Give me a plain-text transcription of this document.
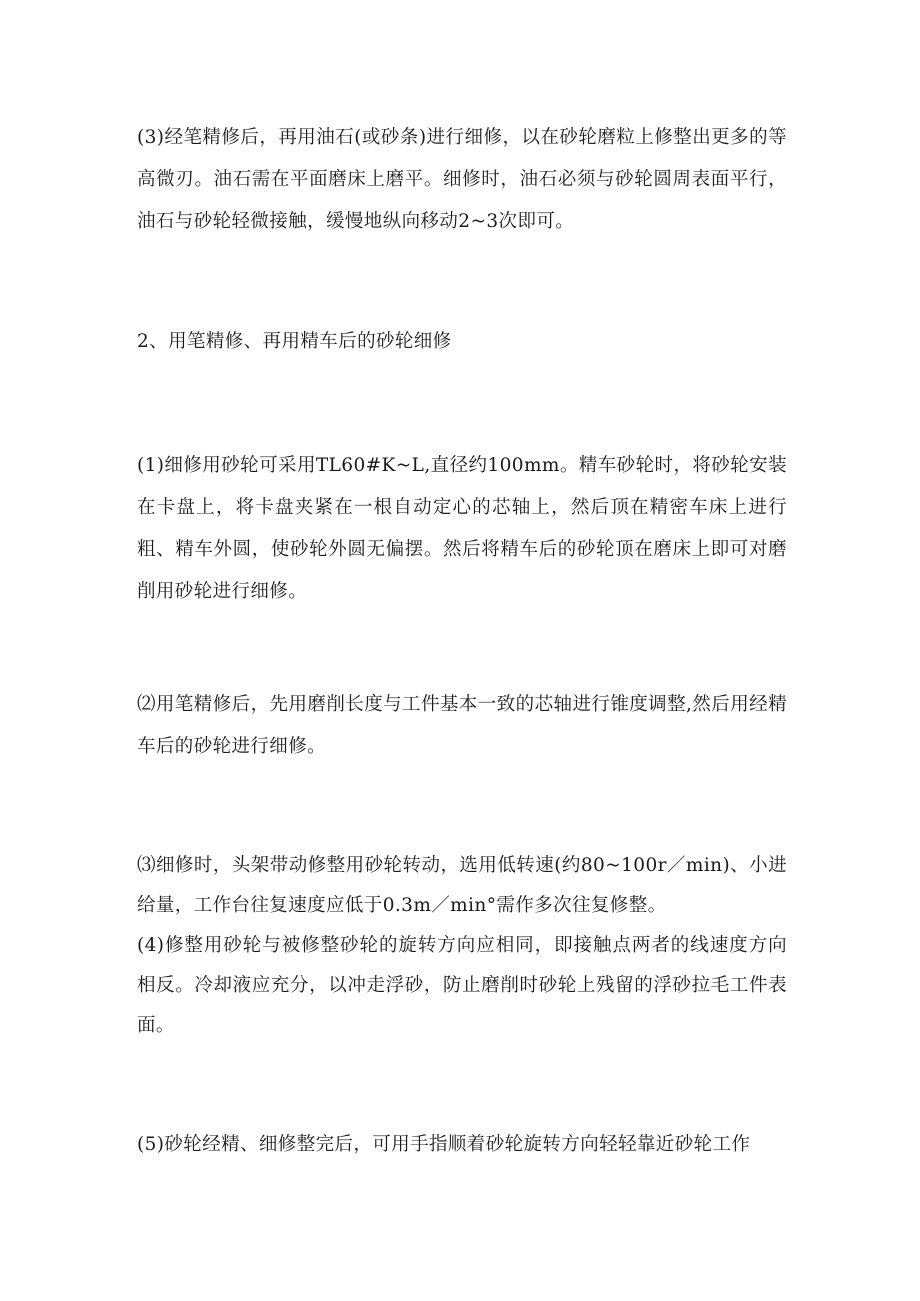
(3)经笔精修后，再用油石(或砂条)进行细修，以在砂轮磨粒上修整出更多的等高微刃。油石需在平面磨床上磨平。细修时，油石必须与砂轮圆周表面平行，油石与砂轮轻微接触，缓慢地纵向移动2~3次即可。

2、用笔精修、再用精车后的砂轮细修

(1)细修用砂轮可采用TL60#K~L,直径约100mm。精车砂轮时，将砂轮安装在卡盘上，将卡盘夹紧在一根自动定心的芯轴上，然后顶在精密车床上进行粗、精车外圆，使砂轮外圆无偏摆。然后将精车后的砂轮顶在磨床上即可对磨削用砂轮进行细修。

⑵用笔精修后，先用磨削长度与工件基本一致的芯轴进行锥度调整,然后用经精车后的砂轮进行细修。

⑶细修时，头架带动修整用砂轮转动，选用低转速(约80~100r／min)、小进给量，工作台往复速度应低于0.3m／min°需作多次往复修整。
(4)修整用砂轮与被修整砂轮的旋转方向应相同，即接触点两者的线速度方向相反。冷却液应充分，以冲走浮砂，防止磨削时砂轮上残留的浮砂拉毛工件表面。

(5)砂轮经精、细修整完后，可用手指顺着砂轮旋转方向轻轻靠近砂轮工作
